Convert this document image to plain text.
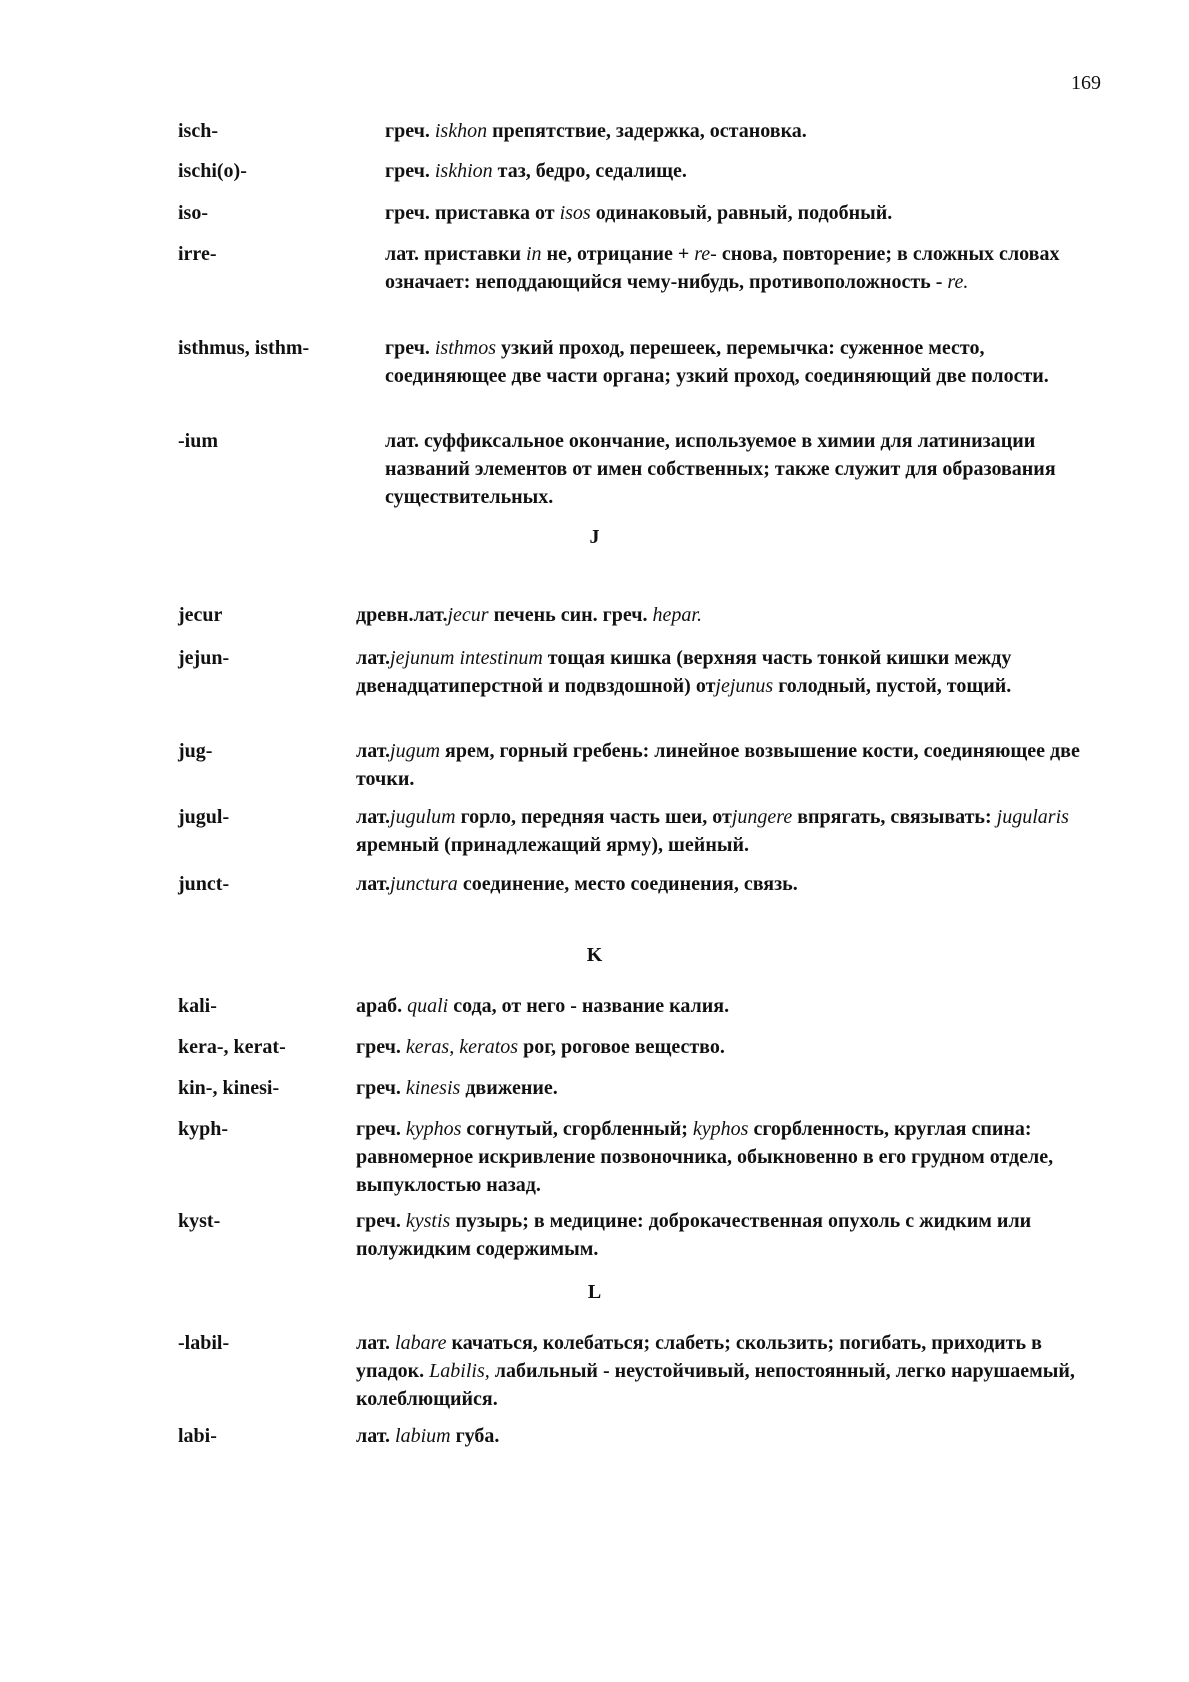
169
isch-	греч. iskhon препятствие, задержка, остановка.
ischi(o)-	греч. iskhion таз, бедро, седалище.
iso-	греч. приставка от isos одинаковый, равный, подобный.
irre-	лат. приставки in не, отрицание + re- снова, повторение; в сложных словах означает: неподдающийся чему-нибудь, противоположность - re.
isthmus, isthm-	греч. isthmos узкий проход, перешеек, перемычка: суженное место, соединяющее две части органа; узкий проход, соединяющий две полости.
-ium	лат. суффиксальное окончание, используемое в химии для латинизации названий элементов от имен собственных; также служит для образования существительных.
J
jecur	древн.лат.jecur печень син. греч. hepar.
jejun-	лат.jejunum intestinum тощая кишка (верхняя часть тонкой кишки между двенадцатиперстной и подвздошной) отjejunus голодный, пустой, тощий.
jug-	лат.jugum ярем, горный гребень: линейное возвышение кости, соединяющее две точки.
jugul-	лат.jugulum горло, передняя часть шеи, отjungere впрягать, связывать: jugularis яремный (принадлежащий ярму), шейный.
junct-	лат.junctura соединение, место соединения, связь.
K
kali-	араб. quali сода, от него - название калия.
kera-, kerat-	греч. keras, keratos рог, роговое вещество.
kin-, kinesi-	греч. kinesis движение.
kyph-	греч. kyphos согнутый, сгорбленный; kyphos сгорбленность, круглая спина: равномерное искривление позвоночника, обыкновенно в его грудном отделе, выпуклостью назад.
kyst-	греч. kystis пузырь; в медицине: доброкачественная опухоль с жидким или полужидким содержимым.
L
-labil-	лат. labare качаться, колебаться; слабеть; скользить; погибать, приходить в упадок. Labilis, лабильный - неустойчивый, непостоянный, легко нарушаемый, колеблющийся.
labi-	лат. labium губа.
